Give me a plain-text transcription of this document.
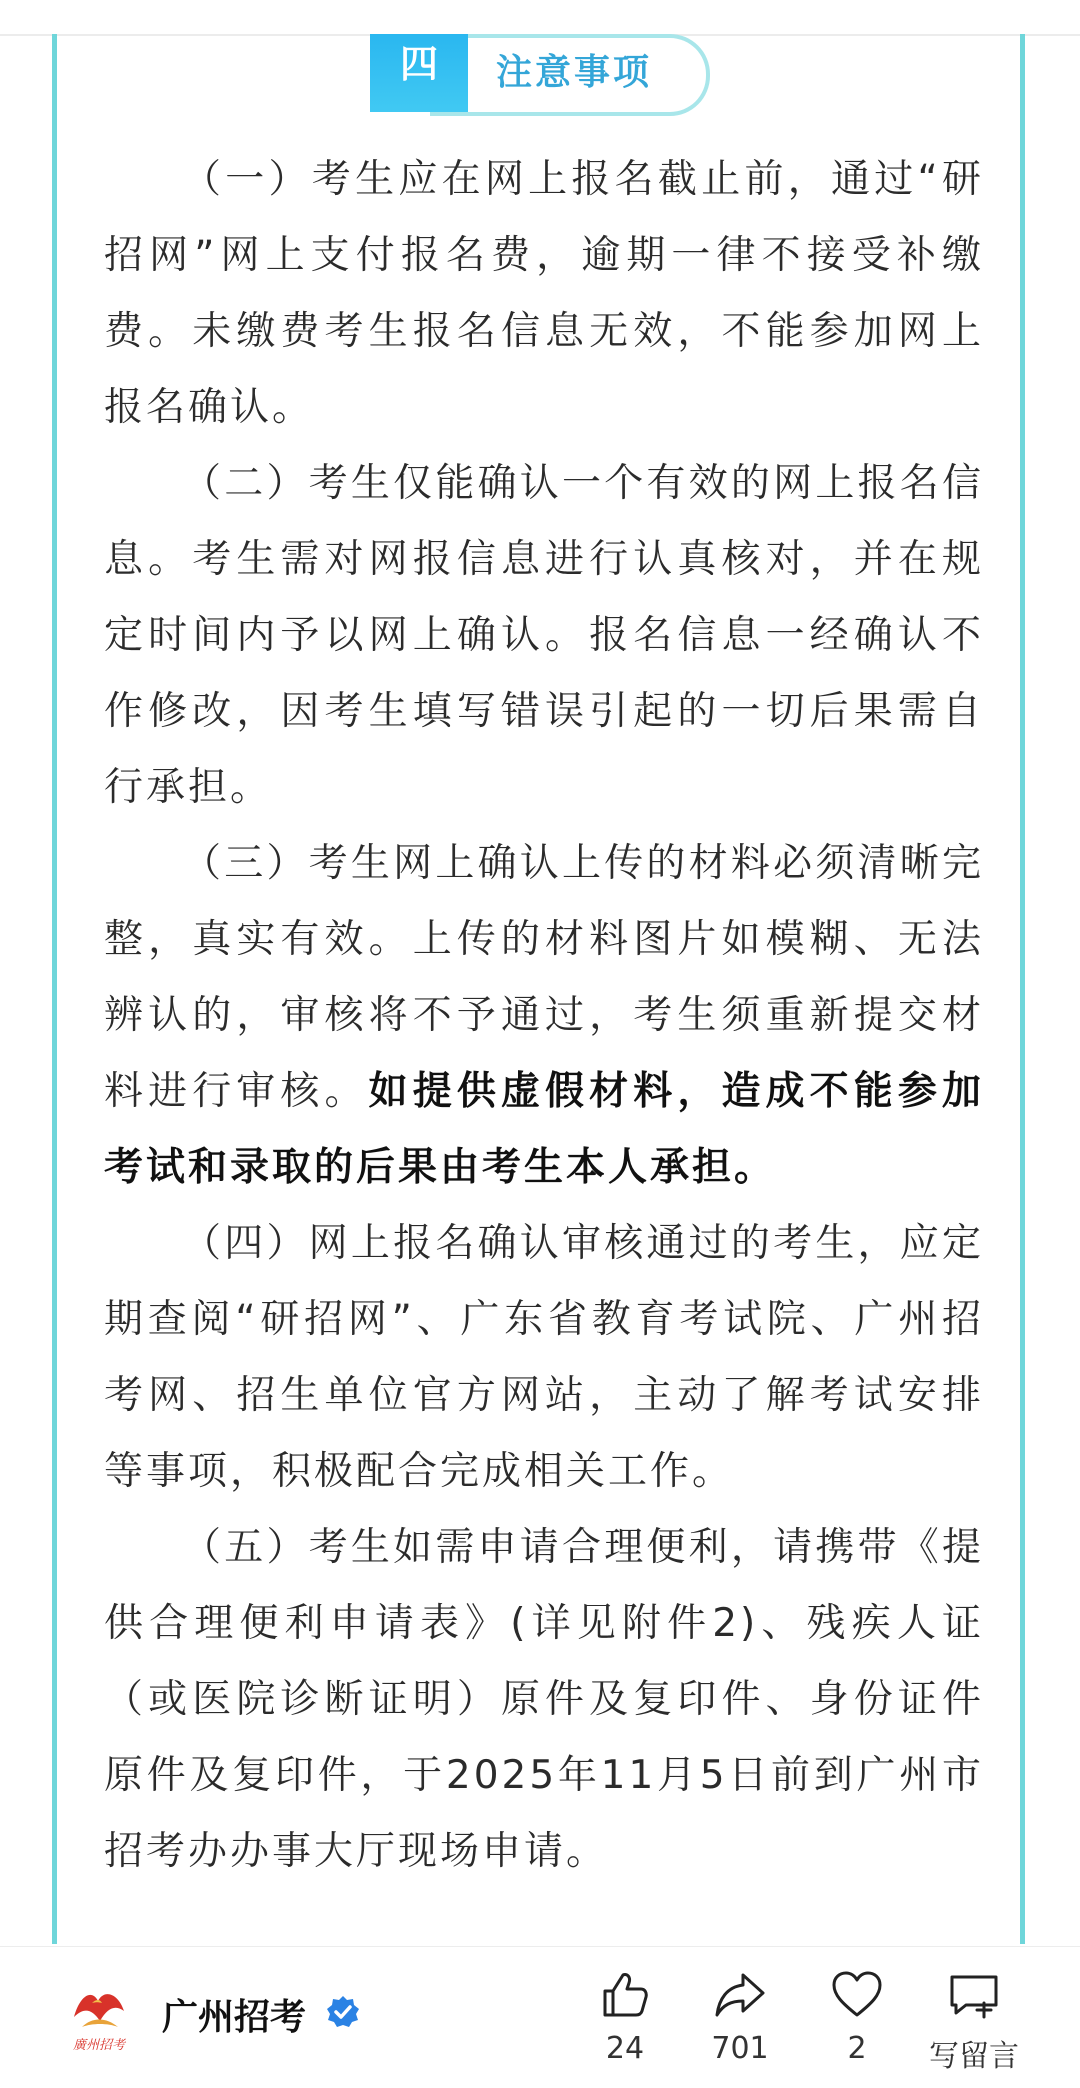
四	注意事项

（一）考生应在网上报名截止前，通过“研招网”网上支付报名费，逾期一律不接受补缴费。未缴费考生报名信息无效，不能参加网上报名确认。

（二）考生仅能确认一个有效的网上报名信息。考生需对网报信息进行认真核对，并在规定时间内予以网上确认。报名信息一经确认不作修改，因考生填写错误引起的一切后果需自行承担。

（三）考生网上确认上传的材料必须清晰完整，真实有效。上传的材料图片如模糊、无法辨认的，审核将不予通过，考生须重新提交材料进行审核。如提供虚假材料，造成不能参加考试和录取的后果由考生本人承担。

（四）网上报名确认审核通过的考生，应定期查阅“研招网”、广东省教育考试院、广州招考网、招生单位官方网站，主动了解考试安排等事项，积极配合完成相关工作。

（五）考生如需申请合理便利，请携带《提供合理便利申请表》(详见附件2)、残疾人证（或医院诊断证明）原件及复印件、身份证件原件及复印件，于2025年11月5日前到广州市招考办办事大厅现场申请。

廣州招考
广州招考
24	701	2	写留言
